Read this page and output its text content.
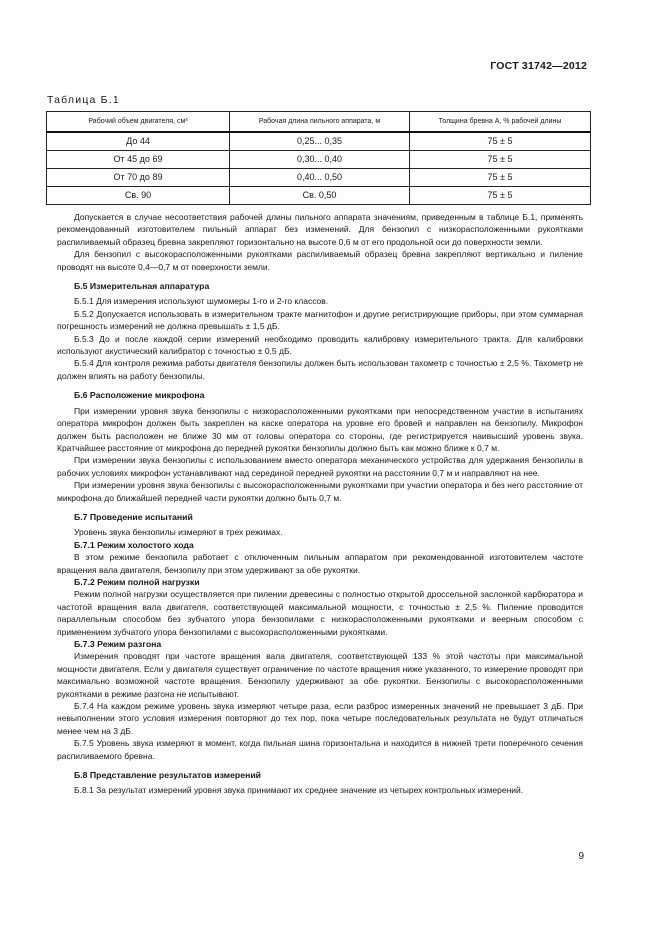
ГОСТ 31742—2012
Таблица Б.1
Рабочий объем двигателя, см³	Рабочая длина пильного аппарата, м	Толщина бревна A, % рабочей длины
До 44	0,25... 0,35	75 ± 5
От 45 до 69	0,30... 0,40	75 ± 5
От 70 до 89	0,40... 0,50	75 ± 5
Св. 90	Св. 0,50	75 ± 5

Допускается в случае несоответствия рабочей длины пильного аппарата значениям, приведенным в таблице Б.1, применять рекомендованный изготовителем пильный аппарат без изменений. Для бензопил с низкорасположенными рукоятками распиливаемый образец бревна закрепляют горизонтально на высоте 0,6 м от его продольной оси до поверхности земли.

Для бензопил с высокорасположенными рукоятками распиливаемый образец бревна закрепляют вертикально и пиление проводят на высоте 0,4—0,7 м от поверхности земли.

Б.5 Измерительная аппаратура

Б.5.1 Для измерения используют шумомеры 1-го и 2-го классов.

Б.5.2 Допускается использовать в измерительном тракте магнитофон и другие регистрирующие приборы, при этом суммарная погрешность измерений не должна превышать ± 1,5 дБ.

Б.5.3 До и после каждой серии измерений необходимо проводить калибровку измерительного тракта. Для калибровки используют акустический калибратор с точностью ± 0,5 дБ.

Б.5.4 Для контроля режима работы двигателя бензопилы должен быть использован тахометр с точностью ± 2,5 %. Тахометр не должен влиять на работу бензопилы.

Б.6 Расположение микрофона

При измерении уровня звука бензопилы с низкорасположенными рукоятками при непосредственном участии в испытаниях оператора микрофон должен быть закреплен на каске оператора на уровне его бровей и направлен на бензопилу. Микрофон должен быть расположен не ближе 30 мм от головы оператора со стороны, где регистрируется наивысший уровень звука. Кратчайшее расстояние от микрофона до передней рукоятки бензопилы должно быть как можно ближе к 0,7 м.

При измерении звука бензопилы с использованием вместо оператора механического устройства для удержания бензопилы в рабочих условиях микрофон устанавливают над серединой передней рукоятки на расстоянии 0,7 м и направляют на нее.

При измерении уровня звука бензопилы с высокорасположенными рукоятками при участии оператора и без него расстояние от микрофона до ближайшей передней части рукоятки должно быть 0,7 м.

Б.7 Проведение испытаний

Уровень звука бензопилы измеряют в трех режимах.

Б.7.1 Режим холостого хода

В этом режиме бензопила работает с отключенным пильным аппаратом при рекомендованной изготовителем частоте вращения вала двигателя, бензопилу при этом удерживают за обе рукоятки.

Б.7.2 Режим полной нагрузки

Режим полной нагрузки осуществляется при пилении древесины с полностью открытой дроссельной заслонкой карбюратора и частотой вращения вала двигателя, соответствующей максимальной мощности, с точностью ± 2,5 %. Пиление проводится параллельным способом без зубчатого упора бензопилами с низкорасположенными рукоятками и веерным способом с применением зубчатого упора бензопилами с высокорасположенными рукоятками.

Б.7.3 Режим разгона

Измерения проводят при частоте вращения вала двигателя, соответствующей 133 % этой частоты при максимальной мощности двигателя. Если у двигателя существует ограничение по частоте вращения ниже указанного, то измерение проводят при максимально возможной частоте вращения. Бензопилу удерживают за обе рукоятки. Бензопилы с высокорасположенными рукоятками в режиме разгона не испытывают.

Б.7.4 На каждом режиме уровень звука измеряют четыре раза, если разброс измеренных значений не превышает 3 дБ. При невыполнении этого условия измерения повторяют до тех пор, пока четыре последовательных результата не будут отличаться менее чем на 3 дБ.

Б.7.5 Уровень звука измеряют в момент, когда пильная шина горизонтальна и находится в нижней трети поперечного сечения распиливаемого бревна.

Б.8 Представление результатов измерений

Б.8.1 За результат измерений уровня звука принимают их среднее значение из четырех контрольных измерений.

9
